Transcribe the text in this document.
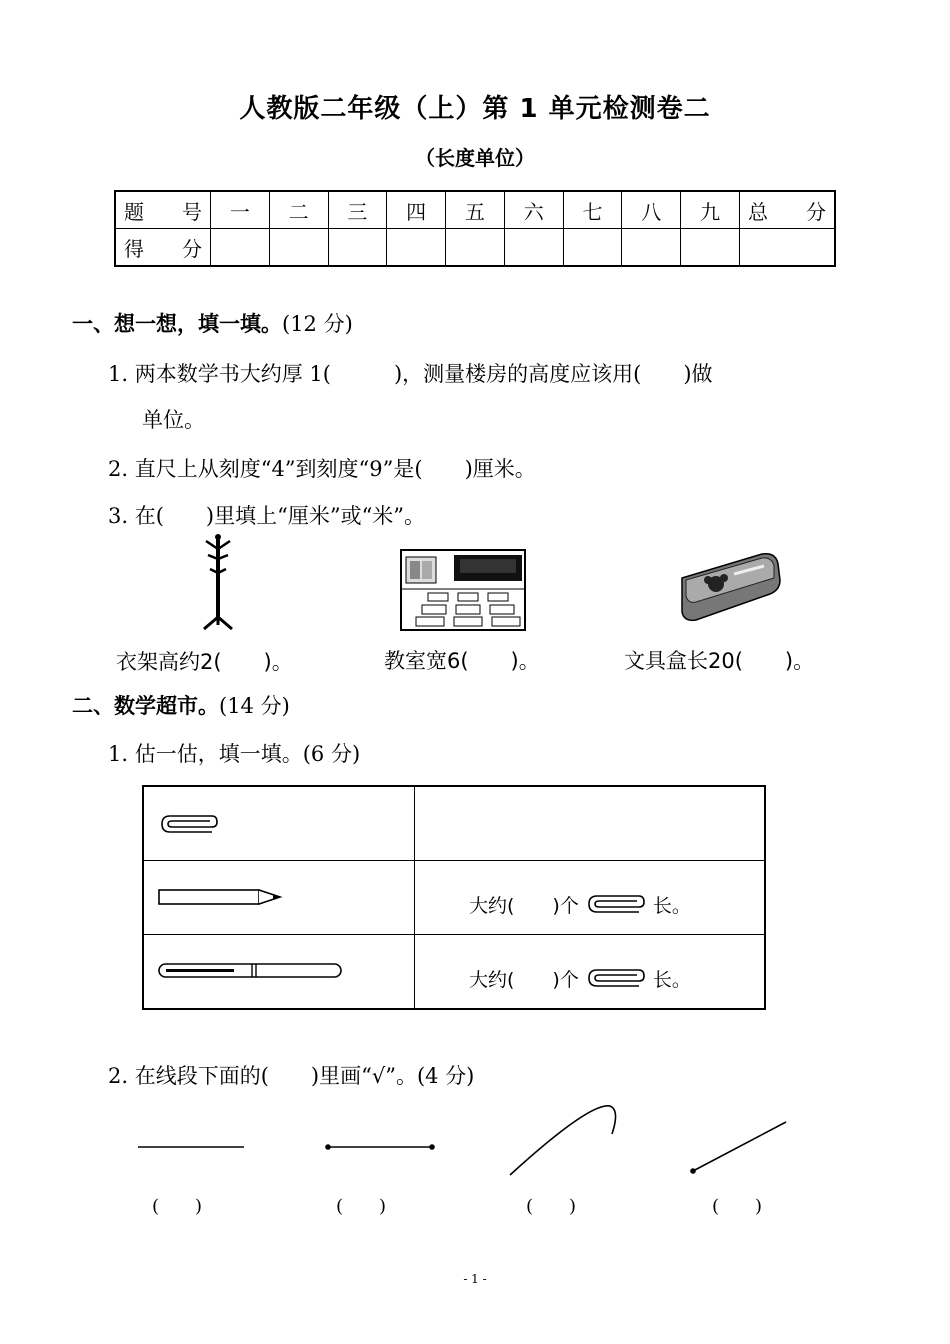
人教版二年级（上）第 1 单元检测卷二
（长度单位）
题号	一	二	三	四	五	六	七	八	九	总分
得分										
一、想一想，填一填。(12 分)
1. 两本数学书大约厚 1(　　　)，测量楼房的高度应该用(　　)做
单位。
2. 直尺上从刻度“4”到刻度“9”是(　　)厘米。
3. 在(　　)里填上“厘米”或“米”。
衣架高约2(　　)。	教室宽6(　　)。	文具盒长20(　　)。
二、数学超市。(14 分)
1. 估一估，填一填。(6 分)

大约(　　)个 长。

大约(　　)个 长。
2. 在线段下面的(　　)里画“√”。(4 分)
(　　)	(　　)	(　　)	(　　)
- 1 -
